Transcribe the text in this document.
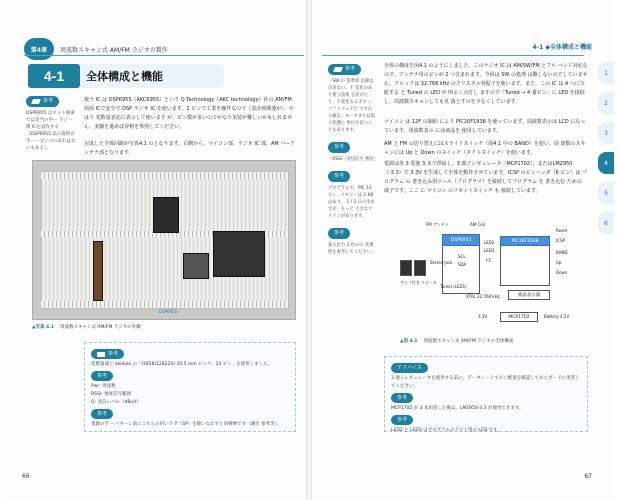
第4章	周波数スキャン式 AM/FM ラジオの製作
4-1	全体構成と機能
参考
DSP6955 はネット検索では見当の中ー ラジー関 ICを試作する（DSP6955 以の資料が手ーー文いつのあれはないもある）。
使う IC は DSP6955（AKC6955）という Q Technology（AKC technology）社の AM/FM 両用 ICで安全で DSP ラジオ IC を使います。2 ピンで工業を操作なので（表計画関連が）、やはり 変数量表記に表示して使います が、ピン数が多いのでかなり実装が難しいかもしれません。実験を進めば昇格を参照してください。
完成した全体回路が写真4.1 のとなります。右側から、マイコン部、ラジオ IC 部、AM バーアンテナ部となります。
DSP6955
▲写真 4.1 周波数スキャン式 AM/FM ラジオの外観
参考
変数量器と akiduki の「I1858(128224) 10.5 mm ピッチ、24 ピン」を使用しました。
参考
Pwr: 周波数
RSSI: 強度信号範囲
Q: 受信レベル（dBuV）
参考
電源の手 ーパターン前にこちらの用いラグ（SP）を除いなおすと同様例です（測位 参考等）。
66
4-1 ◆全体構成と機能
参考
・SW の 基準周 以降は 出来ない。不 変化のあり使う技術 を設けたり、不変化なるボタン、 ソフトウェアだ ですから確定、モータまたは電子状態に 単位を持つこともあります。
参考
・RSSI（受信信号 強度）
参考
プログラムで、PIC 10 ピン、メモリーは 2 KB はあり、 1 / 2 日の出ますが、もっと 大きなマイクンがあります。
参考
案入出力 3 色のの 変換 性を参考してください。
全体の構成を図4.1 のようにしました。このラジオ IC は AM/SW/FM とフル バンド対応なので、アンテナ用のピンが 2 つ含まれます。今回は SW の処理 は難しないのでしていません。クロックは 32.768 kHz のクリスタル発振子を使います。また、この IC は 4 つに分配する と Tuned の LED が 明るく点灯し ますので「Tuned → 4 番ピン」に LED を接続し、周波数スキャンしても見 落とすのを少なくしています。
マイコン は 12F の制約 により PIC16F1938 を使っています。周波数表示は LCD になっています。周波数表示 には液晶を 使用しています。
AM と FM の切り替えにはスライドスイッチ（図4.1 中の BAND）を使い、周 波数のスキャンには Up と Down のスイッチ（タクトスイッチ）を使います。
電源は単 3 電池 3 本で供給し、3 端子レギュレータ（MCP1702）、またはLM2950（-3.3）で 3.3V を生成して全体を動作させています。ICSP のピンヘッダ（6 ピン）は プログラム の 書き込み用ツール（プログラマ）を接続してプログラム を 書き込む ための 端子です。ここ に マイコン のリセットスイッチ も 接続しています。
FM アンテナ	AM Coil
DSP6955
SCL
SDA
I²C
PIC16F1938
LED2
LED3
Reset
ICSP
BAND
Up
Down
Stereo Jack
アンプ付き スピーカ
Tuned (LED1)
XTAL 32.768 kHz	液晶表示器
3.3V	MCP1702	Battery 4.5V
▲図 4.1 周波数スキャン式 AM/FM ラジオの全体構成
アドバイス
3 端子レギュレータを使用する前に、データシートでピン配置を確認してからボードに実装してください。
参考
MCP1702 が 3 本用意した後は、LM2950-3.3 が使用できます。
参考
LED2 と LED3 はプログラムのテスト用の LED です。
1
2
3
4
5
6
67
